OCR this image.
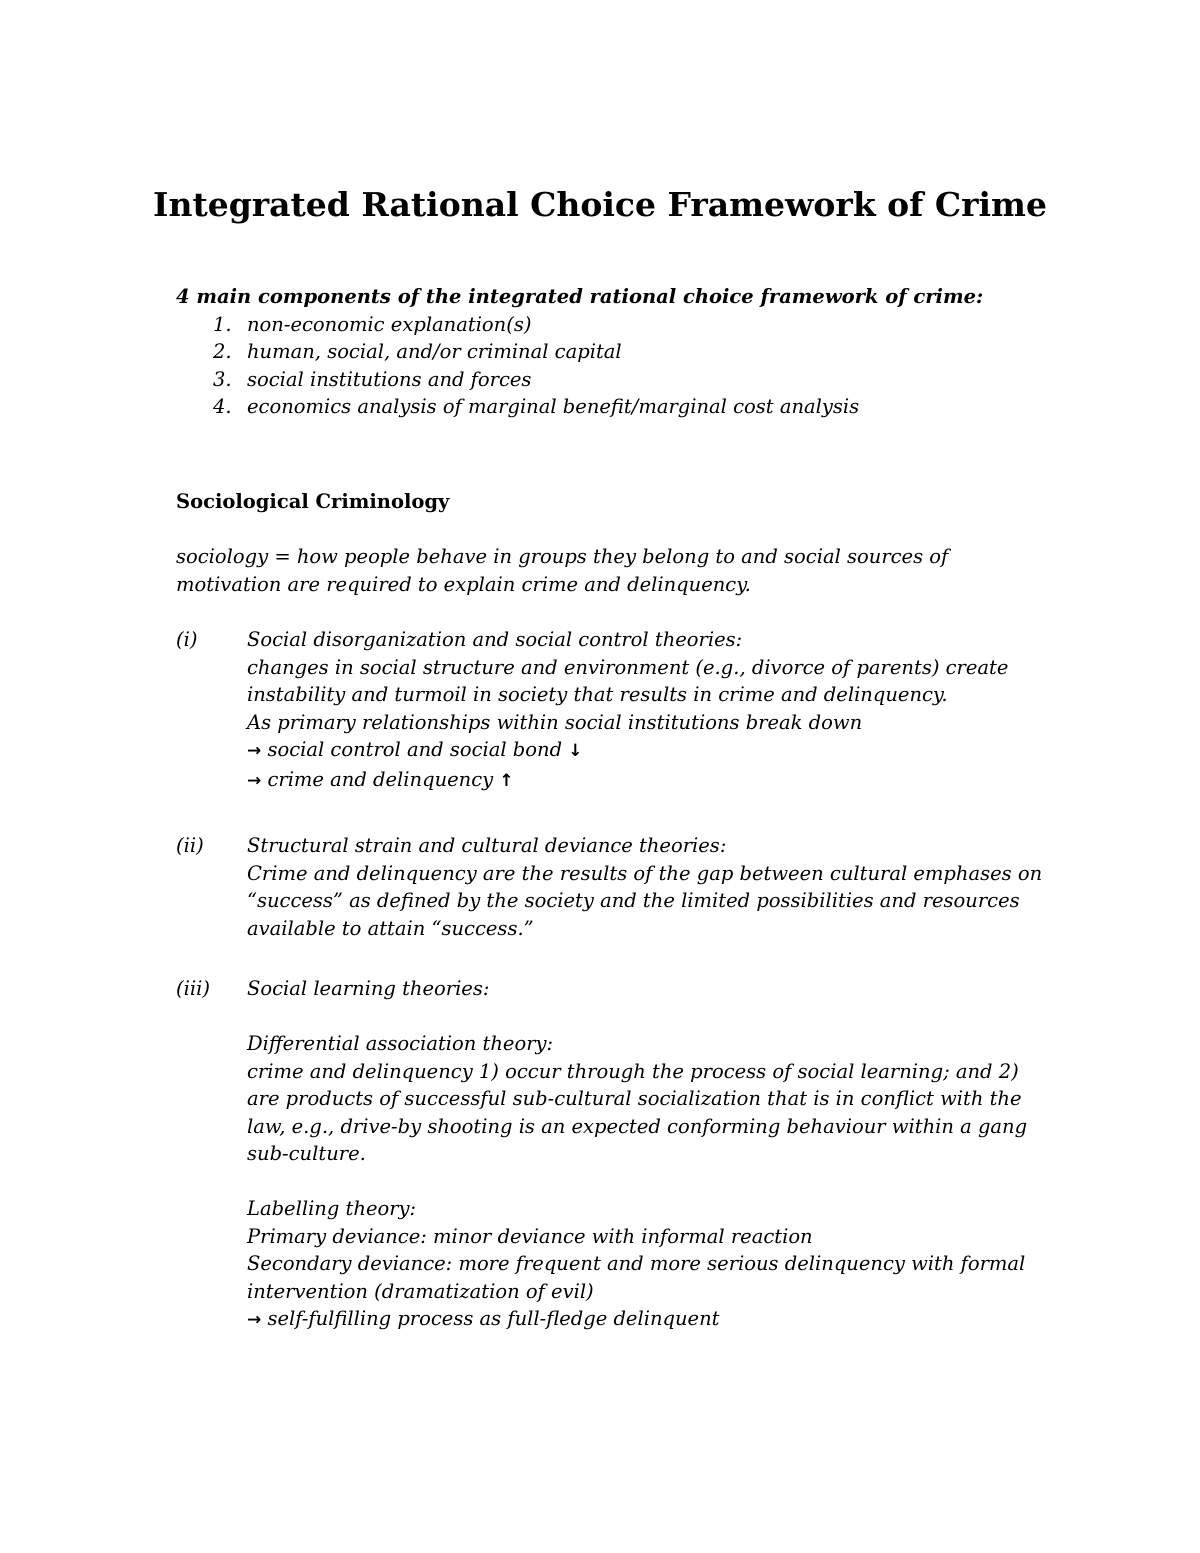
Integrated Rational Choice Framework of Crime
4 main components of the integrated rational choice framework of crime:
1. non-economic explanation(s)
2. human, social, and/or criminal capital
3. social institutions and forces
4. economics analysis of marginal benefit/marginal cost analysis
Sociological Criminology

sociology = how people behave in groups they belong to and social sources of
motivation are required to explain crime and delinquency.

(i)	Social disorganization and social control theories:
changes in social structure and environment (e.g., divorce of parents) create
instability and turmoil in society that results in crime and delinquency.
As primary relationships within social institutions break down
→ social control and social bond ↓
→ crime and delinquency ↑
(ii) Structural strain and cultural deviance theories:
Crime and delinquency are the results of the gap between cultural emphases on
“success” as defined by the society and the limited possibilities and resources
available to attain “success.”
(iii) Social learning theories:
Differential association theory:
crime and delinquency 1) occur through the process of social learning; and 2)
are products of successful sub-cultural socialization that is in conflict with the
law, e.g., drive-by shooting is an expected conforming behaviour within a gang
sub-culture.
Labelling theory:
Primary deviance: minor deviance with informal reaction
Secondary deviance: more frequent and more serious delinquency with formal
intervention (dramatization of evil)
→ self-fulfilling process as full-fledge delinquent
